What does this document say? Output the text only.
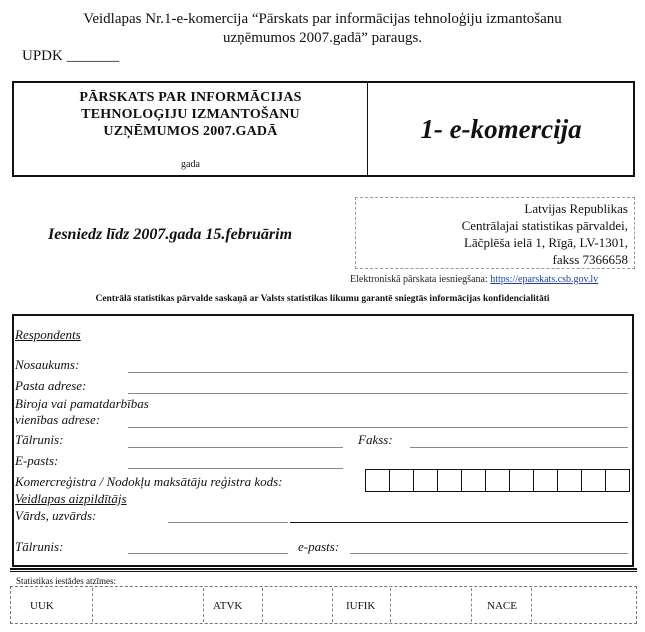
Veidlapas Nr.1-e-komercija “Pārskats par informācijas tehnoloģiju izmantošanu
uzņēmumos 2007.gadā” paraugs.
UPDK _______
PĀRSKATS PAR INFORMĀCIJAS
TEHNOLOĢIJU IZMANTOŠANU
UZŅĒMUMOS 2007.GADĀ
gada
1- e-komercija
Iesniedz līdz 2007.gada 15.februārim
Latvijas Republikas
Centrālajai statistikas pārvaldei,
Lāčplēša ielā 1, Rīgā, LV-1301,
fakss 7366658
Elektroniskā pārskata iesniegšana: https://eparskats.csb.gov.lv
Centrālā statistikas pārvalde saskaņā ar Valsts statistikas likumu garantē sniegtās informācijas konfidencialitāti
Respondents
Nosaukums:
Pasta adrese:
Biroja vai pamatdarbības
vienības adrese:
Tālrunis:	Fakss:
E-pasts:
Komercreģistra / Nodokļu maksātāju reģistra kods:
Veidlapas aizpildītājs
Vārds, uzvārds:
Tālrunis:	e-pasts:
Statistikas iestādes atzīmes:
UUK	ATVK	IUFIK	NACE
